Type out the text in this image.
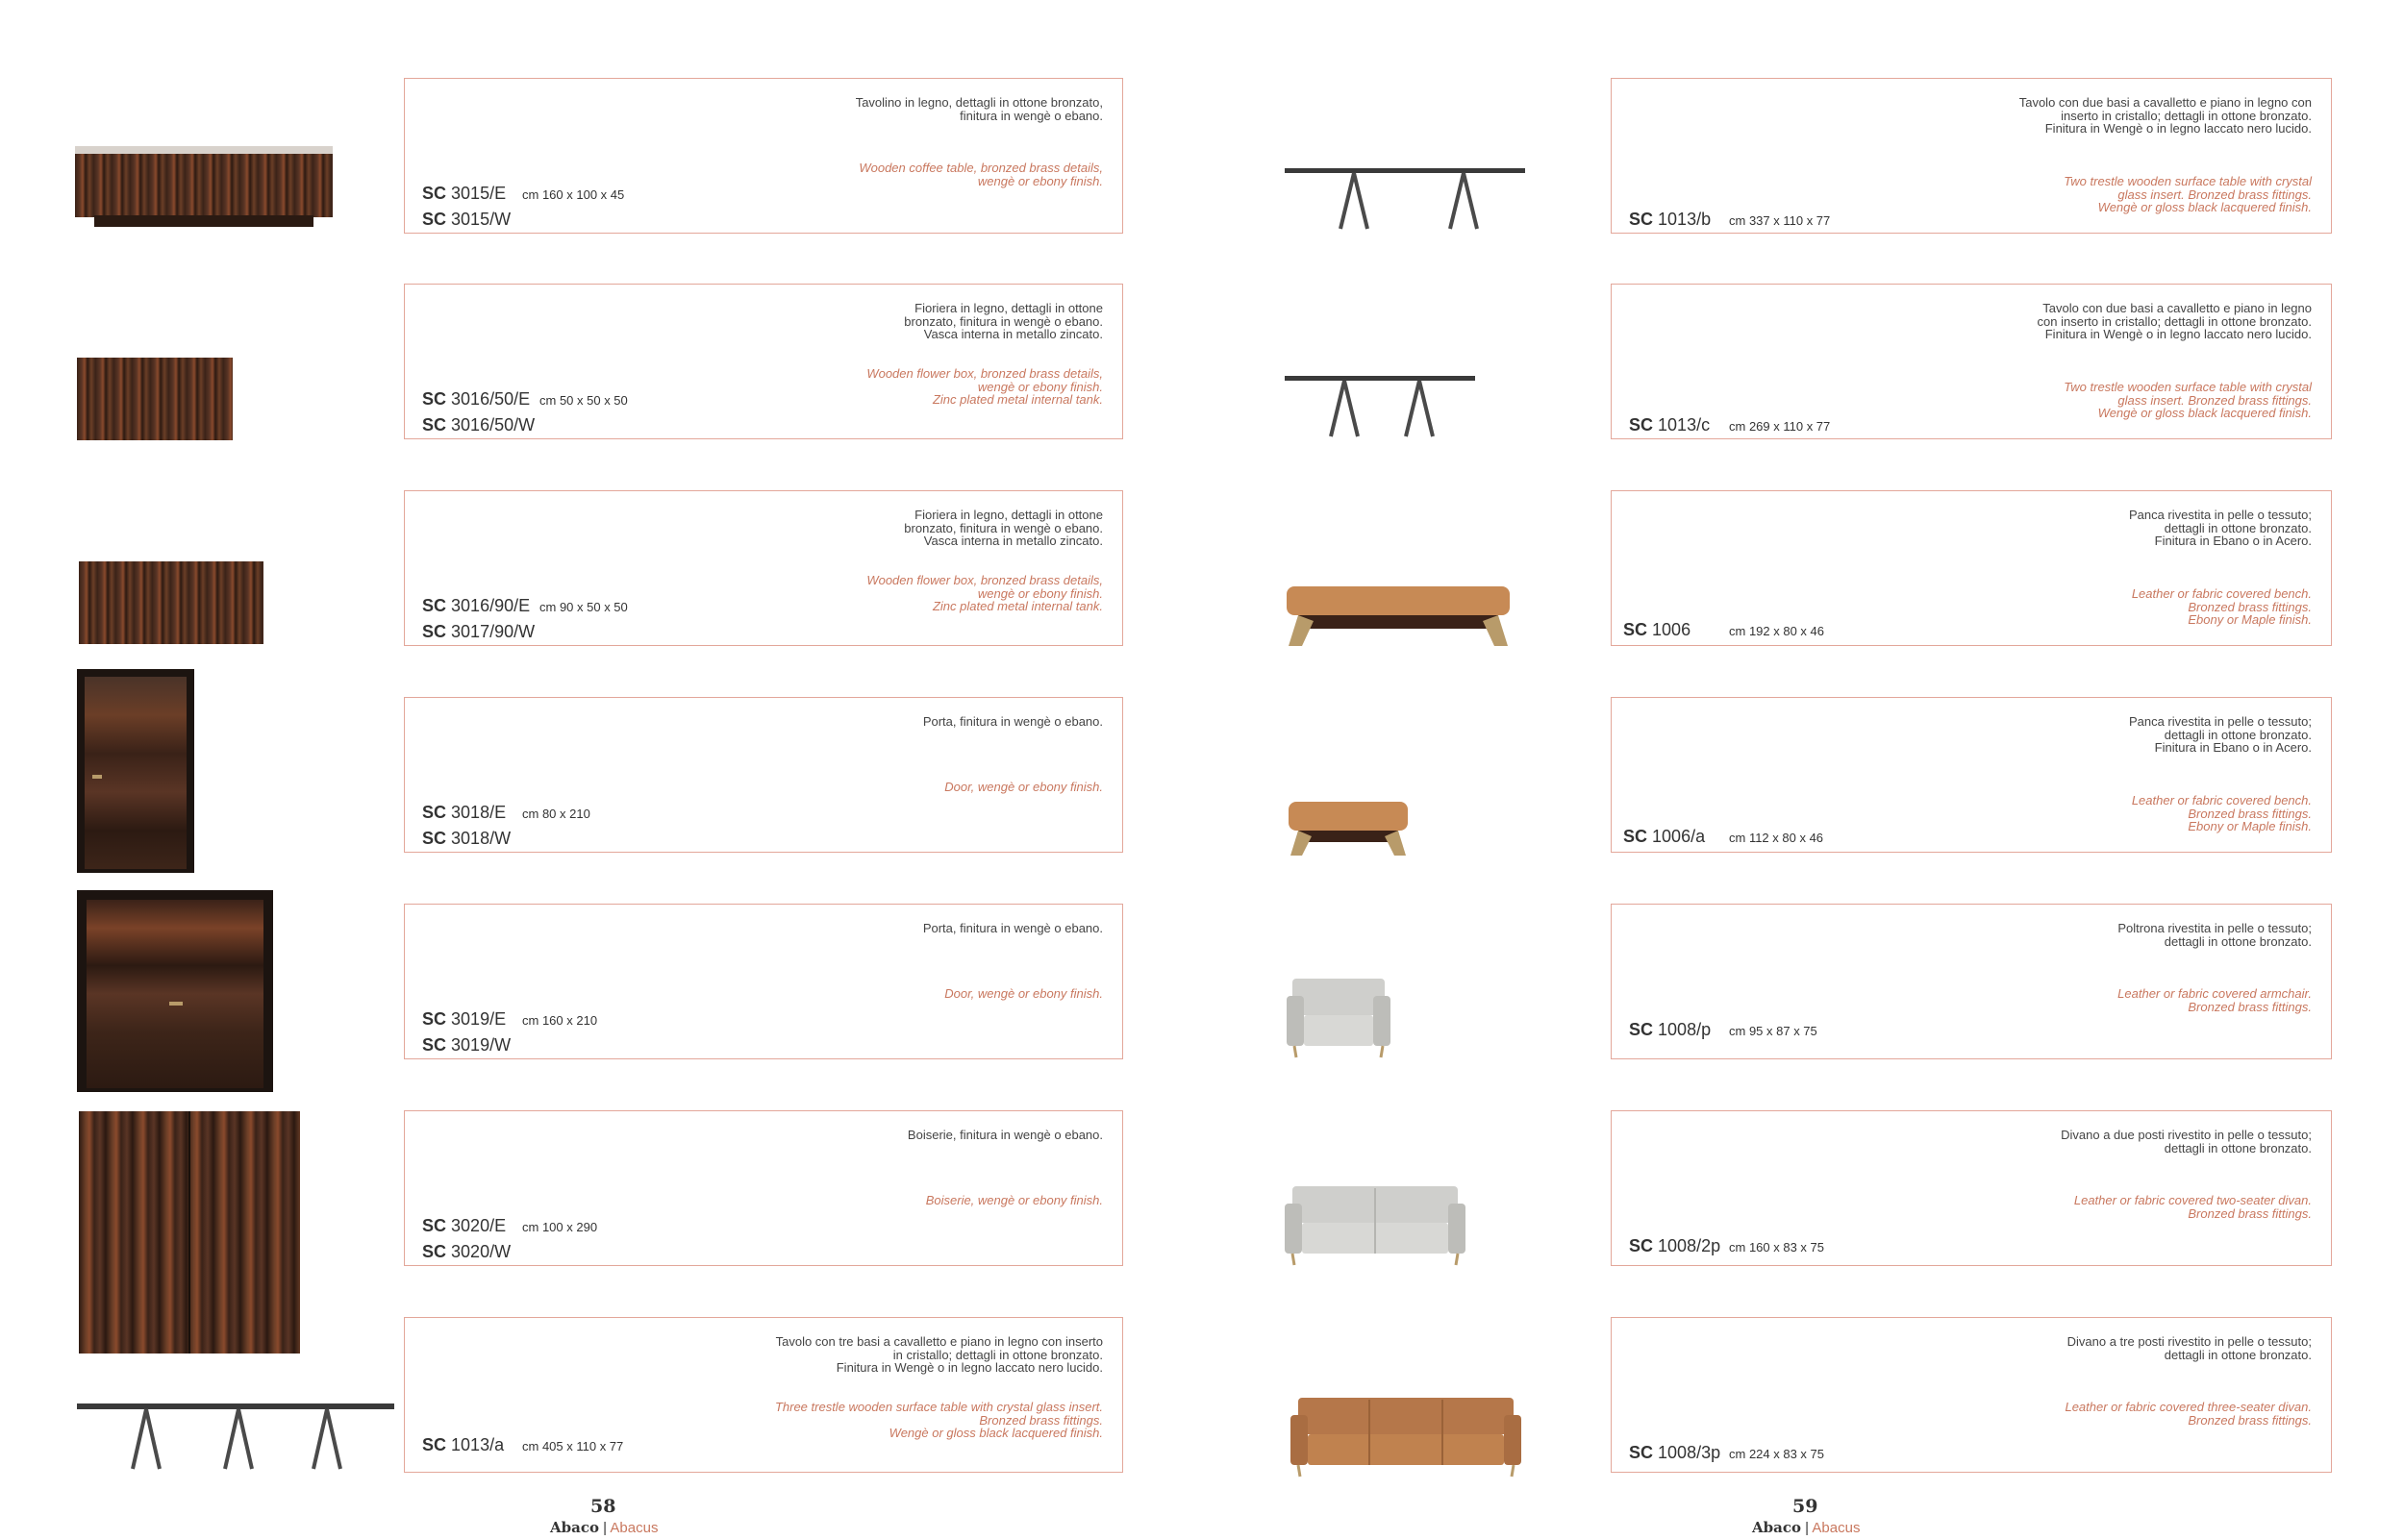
Tavolino in legno, dettagli in ottone bronzato,
finitura in wengè o ebano.
Wooden coffee table, bronzed brass details,
wengè or ebony finish.
SC 3015/E cm 160 x 100 x 45
SC 3015/W
Fioriera in legno, dettagli in ottone
bronzato, finitura in wengè o ebano.
Vasca interna in metallo zincato.
Wooden flower box, bronzed brass details,
wengè or ebony finish.
Zinc plated metal internal tank.
SC 3016/50/E cm 50 x 50 x 50
SC 3016/50/W
Fioriera in legno, dettagli in ottone
bronzato, finitura in wengè o ebano.
Vasca interna in metallo zincato.
Wooden flower box, bronzed brass details,
wengè or ebony finish.
Zinc plated metal internal tank.
SC 3016/90/E cm 90 x 50 x 50
SC 3017/90/W
Porta, finitura in wengè o ebano.
Door, wengè or ebony finish.
SC 3018/E cm 80 x 210
SC 3018/W
Porta, finitura in wengè o ebano.
Door, wengè or ebony finish.
SC 3019/E cm 160 x 210
SC 3019/W
Boiserie, finitura in wengè o ebano.
Boiserie, wengè or ebony finish.
SC 3020/E cm 100 x 290
SC 3020/W
Tavolo con tre basi a cavalletto e piano in legno con inserto
in cristallo; dettagli in ottone bronzato.
Finitura in Wengè o in legno laccato nero lucido.
Three trestle wooden surface table with crystal glass insert.
Bronzed brass fittings.
Wengè or gloss black lacquered finish.
SC 1013/a cm 405 x 110 x 77
58
Abaco | Abacus
Tavolo con due basi a cavalletto e piano in legno con
inserto in cristallo; dettagli in ottone bronzato.
Finitura in Wengè o in legno laccato nero lucido.
Two trestle wooden surface table with crystal
glass insert. Bronzed brass fittings.
Wengè or gloss black lacquered finish.
SC 1013/b cm 337 x 110 x 77
Tavolo con due basi a cavalletto e piano in legno
con inserto in cristallo; dettagli in ottone bronzato.
Finitura in Wengè o in legno laccato nero lucido.
Two trestle wooden surface table with crystal
glass insert. Bronzed brass fittings.
Wengè or gloss black lacquered finish.
SC 1013/c cm 269 x 110 x 77
Panca rivestita in pelle o tessuto;
dettagli in ottone bronzato.
Finitura in Ebano o in Acero.
Leather or fabric covered bench.
Bronzed brass fittings.
Ebony or Maple finish.
SC 1006	cm 192 x 80 x 46
Panca rivestita in pelle o tessuto;
dettagli in ottone bronzato.
Finitura in Ebano o in Acero.
Leather or fabric covered bench.
Bronzed brass fittings.
Ebony or Maple finish.
SC 1006/a cm 112 x 80 x 46
Poltrona rivestita in pelle o tessuto;
dettagli in ottone bronzato.
Leather or fabric covered armchair.
Bronzed brass fittings.
SC 1008/p cm 95 x 87 x 75
Divano a due posti rivestito in pelle o tessuto;
dettagli in ottone bronzato.
Leather or fabric covered two-seater divan.
Bronzed brass fittings.
SC 1008/2p cm 160 x 83 x 75
Divano a tre posti rivestito in pelle o tessuto;
dettagli in ottone bronzato.
Leather or fabric covered three-seater divan.
Bronzed brass fittings.
SC 1008/3p cm 224 x 83 x 75
59
Abaco | Abacus
